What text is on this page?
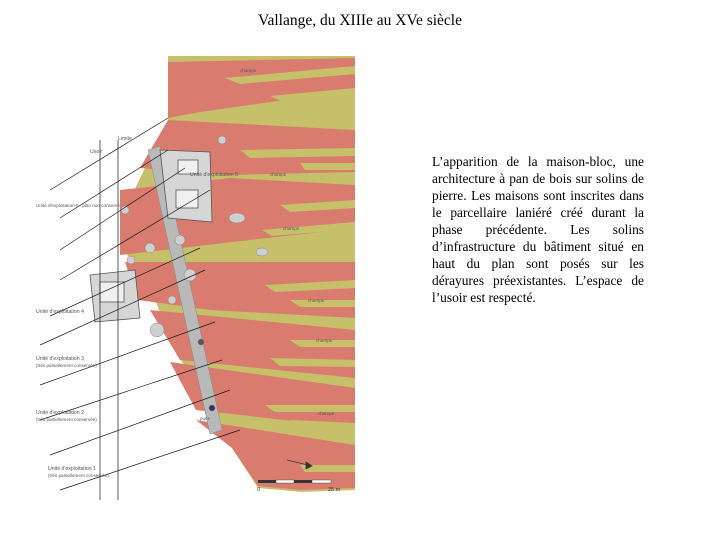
Vallange, du XIIIe au XVe siècle
champs
champs
champs
champs
champs
champs
Usoir
Limite
Unité d'exploitation 5
Unité d'exploitation 5 : plan non conservé
Unité d'exploitation 4
Unité d'exploitation 3
(très partiellement conservée)
Unité d'exploitation 2
(très partiellement conservée)
Unité d'exploitation 1
(très partiellement conservée)
puits
0	25 m
L’apparition de la maison-bloc, une architecture à pan de bois sur solins de pierre. Les maisons sont inscrites dans le parcellaire laniéré créé durant la phase précédente. Les solins d’infrastructure du bâtiment situé en haut du plan sont posés sur les dérayures préexistantes. L’espace de l’usoir est respecté.
